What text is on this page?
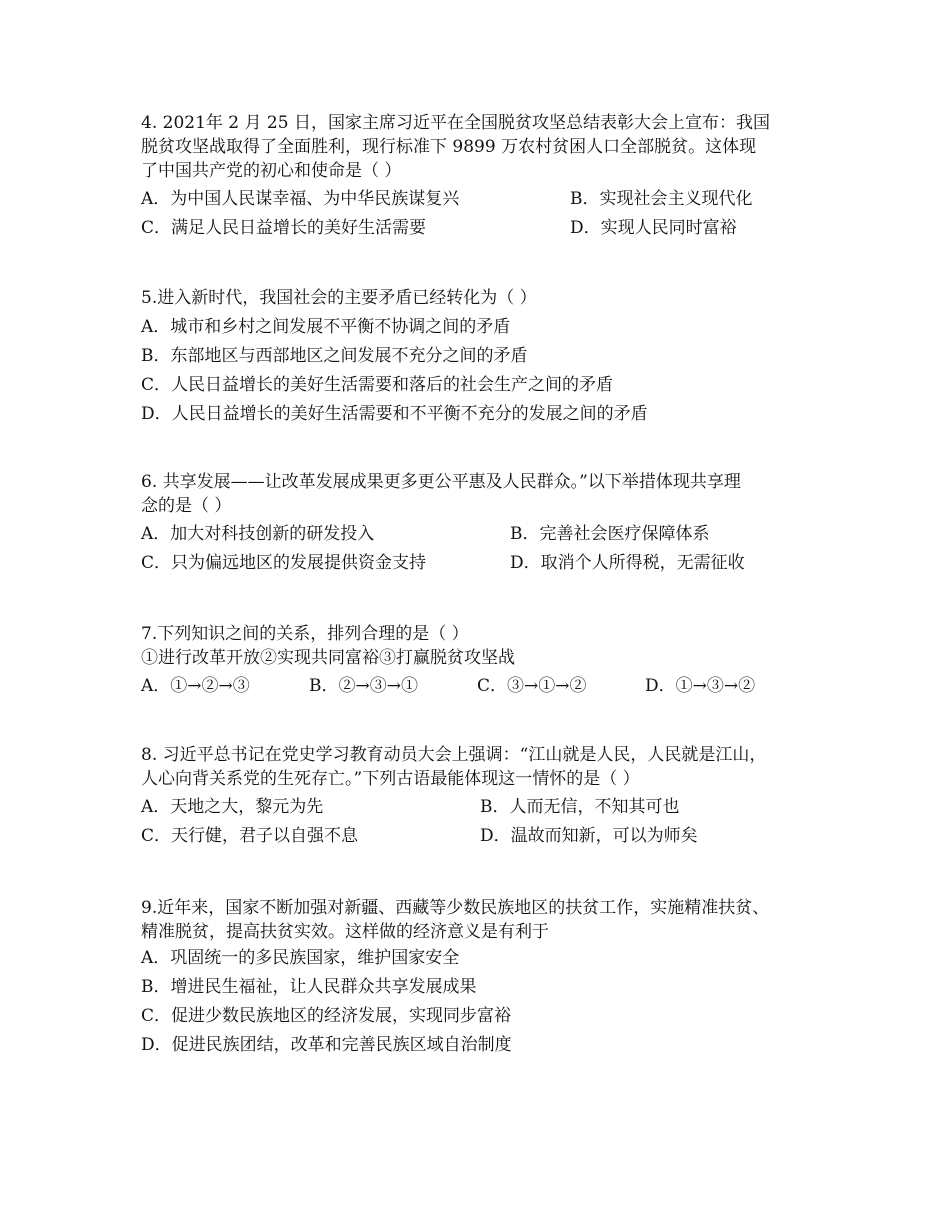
4. 2021年 2 月 25 日，国家主席习近平在全国脱贫攻坚总结表彰大会上宣布：我国
脱贫攻坚战取得了全面胜利，现行标准下 9899 万农村贫困人口全部脱贫。这体现
了中国共产党的初心和使命是（ ）
A．为中国人民谋幸福、为中华民族谋复兴	B．实现社会主义现代化
C．满足人民日益增长的美好生活需要	D．实现人民同时富裕
5.进入新时代，我国社会的主要矛盾已经转化为（ ）
A．城市和乡村之间发展不平衡不协调之间的矛盾
B．东部地区与西部地区之间发展不充分之间的矛盾
C．人民日益增长的美好生活需要和落后的社会生产之间的矛盾
D．人民日益增长的美好生活需要和不平衡不充分的发展之间的矛盾
6. 共享发展——让改革发展成果更多更公平惠及人民群众。”以下举措体现共享理
念的是（ ）
A．加大对科技创新的研发投入	B．完善社会医疗保障体系
C．只为偏远地区的发展提供资金支持	D．取消个人所得税，无需征收
7.下列知识之间的关系，排列合理的是（ ）
①进行改革开放②实现共同富裕③打赢脱贫攻坚战
A．①→②→③	B．②→③→①	C．③→①→②	D．①→③→②
8. 习近平总书记在党史学习教育动员大会上强调：“江山就是人民，人民就是江山，
人心向背关系党的生死存亡。”下列古语最能体现这一情怀的是（ ）
A．天地之大，黎元为先	B．人而无信，不知其可也
C．天行健，君子以自强不息	D．温故而知新，可以为师矣
9.近年来，国家不断加强对新疆、西藏等少数民族地区的扶贫工作，实施精准扶贫、
精准脱贫，提高扶贫实效。这样做的经济意义是有利于
A．巩固统一的多民族国家，维护国家安全
B．增进民生福祉，让人民群众共享发展成果
C．促进少数民族地区的经济发展，实现同步富裕
D．促进民族团结，改革和完善民族区域自治制度
